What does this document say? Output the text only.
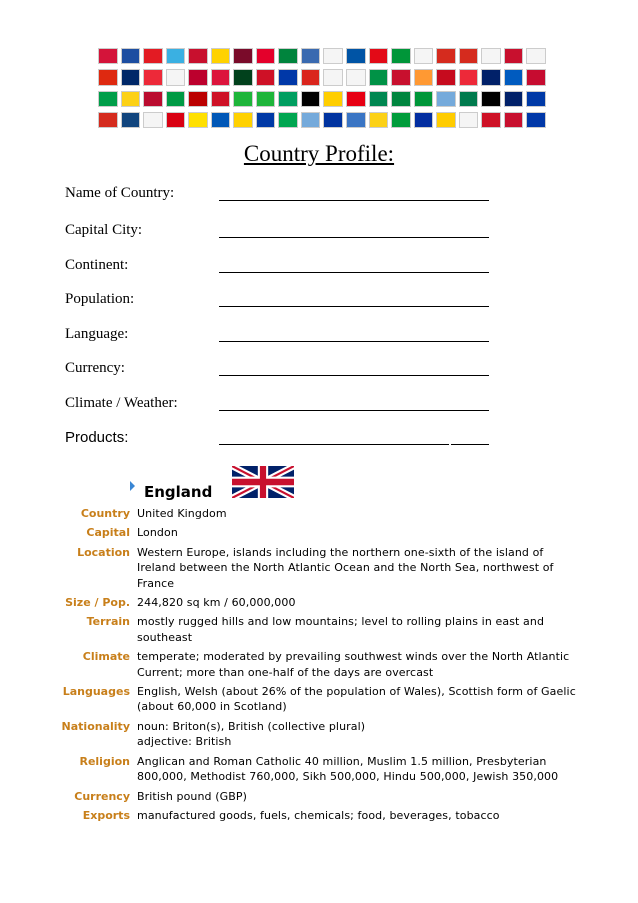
Country Profile:
Name of Country:
Capital City:
Continent:
Population:
Language:
Currency:
Climate / Weather:
Products:
England
Country United Kingdom
Capital London
Location Western Europe, islands including the northern one-sixth of the island of Ireland between the North Atlantic Ocean and the North Sea, northwest of France
Size / Pop. 244,820 sq km / 60,000,000
Terrain mostly rugged hills and low mountains; level to rolling plains in east and southeast
Climate temperate; moderated by prevailing southwest winds over the North Atlantic Current; more than one-half of the days are overcast
Languages English, Welsh (about 26% of the population of Wales), Scottish form of Gaelic (about 60,000 in Scotland)
Nationality noun: Briton(s), British (collective plural)
adjective: British
Religion Anglican and Roman Catholic 40 million, Muslim 1.5 million, Presbyterian 800,000, Methodist 760,000, Sikh 500,000, Hindu 500,000, Jewish 350,000
Currency British pound (GBP)
Exports manufactured goods, fuels, chemicals; food, beverages, tobacco
